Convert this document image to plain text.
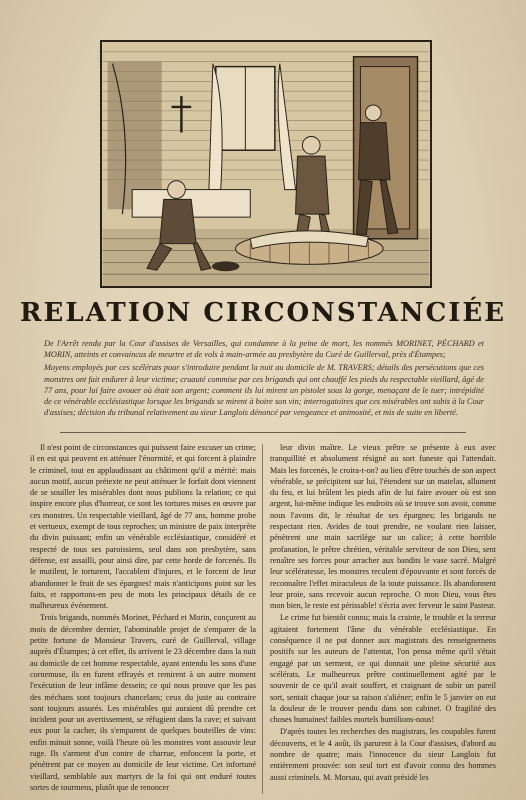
RELATION CIRCONSTANCIÉE

De l'Arrêt rendu par la Cour d'assises de Versailles, qui condamne à la peine de mort, les nommés MORINET, PÉCHARD et MORIN, atteints et convaincus de meurtre et de vols à main-armée au presbytère du Curé de Guillerval, près d'Étampes;

Moyens employés par ces scélérats pour s'introduire pendant la nuit au domicile de M. TRAVERS; détails des persécutions que ces monstres ont fait endurer à leur victime; cruauté commise par ces brigands qui ont chauffé les pieds du respectable vieillard, âgé de 77 ans, pour lui faire avouer où était son argent; comment ils lui mirent un pistolet sous la gorge, menaçant de le tuer; intrépidité de ce vénérable ecclésiastique lorsque les brigands se mirent à boire son vin; interrogatoires que ces misérables ont subis à la Cour d'assises; décision du tribunal relativement au sieur Langlois dénoncé par vengeance et animosité, et mis de suite en liberté.

Il n'est point de circonstances qui puissent faire excuser un crime; il en est qui peuvent en atténuer l'énormité, et qui forcent à plaindre le criminel, tout en applaudissant au châtiment qu'il a mérité: mais aucun motif, aucun prétexte ne peut atténuer le forfait dont viennent de se souiller les misérables dont nous publions la relation; ce qui inspire encore plus d'horreur, ce sont les tortures mises en œuvre par ces monstres. Un respectable vieillard, âgé de 77 ans, homme probe et vertueux, exempt de tous reproches; un ministre de paix interprète du divin puissant; enfin un vénérable ecclésiastique, considéré et respecté de tous ses paroissiens, seul dans son presbytère, sans défense, est assailli, pour ainsi dire, par cette horde de forcenés. Ils le mutilent, le torturent, l'accablent d'injures, et le forcent de leur abandonner le fruit de ses épargnes! mais n'anticipons point sur les faits, et rapportons-en peu de mots les principaux détails de ce malheureux événement.

Trois brigands, nommés Morinet, Péchard et Morin, conçurent au mois de décembre dernier, l'abominable projet de s'emparer de la petite fortune de Monsieur Travers, curé de Guillerval, village auprès d'Étampes; à cet effet, ils arrivent le 23 décembre dans la nuit au domicile de cet homme respectable, ayant entendu les sons d'une cornemuse, ils en furent effrayés et remirent à un autre moment l'exécution de leur infâme dessein; ce qui nous prouve que les pas des méchans sont toujours chancelans; ceux du juste au contraire sont toujours assurés. Les misérables qui auraient dû prendre cet incident pour un avertissement, se réfugient dans la cave; et suivant eux pour la cacher, ils s'emparent de quelques bouteilles de vins: enfin minuit sonne, voilà l'heure où les monstres vont assouvir leur rage. Ils s'arment d'un contre de charrue, enfoncent la porte, et pénètrent par ce moyen au domicile de leur victime. Cet infortuné vieillard, semblable aux martyrs de la foi qui ont enduré toutes sortes de tourmens, plutôt que de renoncer

leur divin maître. Le vieux prêtre se présente à eux avec tranquillité et absolument résigné au sort funeste qui l'attendait. Mais les forcenés, le croira-t-on? au lieu d'être touchés de son aspect vénérable, se précipitent sur lui, l'étendent sur un matelas, allument du feu, et lui brûlent les pieds afin de lui faire avouer où est son argent, lui-même indique les endroits où se trouve son avoir, comme nous l'avons dit, le résultat de ses épargnes; les brigands ne respectant rien. Avides de tout prendre, ne voulant rien laisser, pénètrent une main sacrilège sur un calice; à cette horrible profanation, le prêtre chrétien, véritable serviteur de son Dieu, sent renaître ses forces pour arracher aux bandits le vase sacré. Malgré leur scélératesse, les monstres reculent d'épouvante et sont forcés de reconnaître l'effet miraculeux de la toute puissance. Ils abandonnent leur proie, sans recevoir aucun reproche. O mon Dieu, vous êtes mon bien, le reste est périssable! s'écria avec ferveur le saint Pasteur.

Le crime fut bientôt connu; mais la crainte, le trouble et la terreur agitaient fortement l'âme du vénérable ecclésiastique. En conséquence il ne put donner aux magistrats des renseignemens positifs sur les auteurs de l'attentat, l'on pensa même qu'il s'était engagé par un serment, ce qui donnait une pleine sécurité aux scélérats. Le malheureux prêtre continuellement agité par le souvenir de ce qu'il avait souffert, et craignant de subir un pareil sort, sentait chaque jour sa raison s'aliéner; enfin le 5 janvier on eut la douleur de le trouver pendu dans son cabinet. O fragilité des choses humaines! faibles mortels humilions-nous!

D'après toutes les recherches des magistrats, les coupables furent découverts, et le 4 août, ils parurent à la Cour d'assises, d'abord au nombre de quatre; mais l'innocence du sieur Langlois fut entièrement prouvée: son seul tort est d'avoir connu des hommes aussi criminels. M. Morsau, qui avait présidé les
